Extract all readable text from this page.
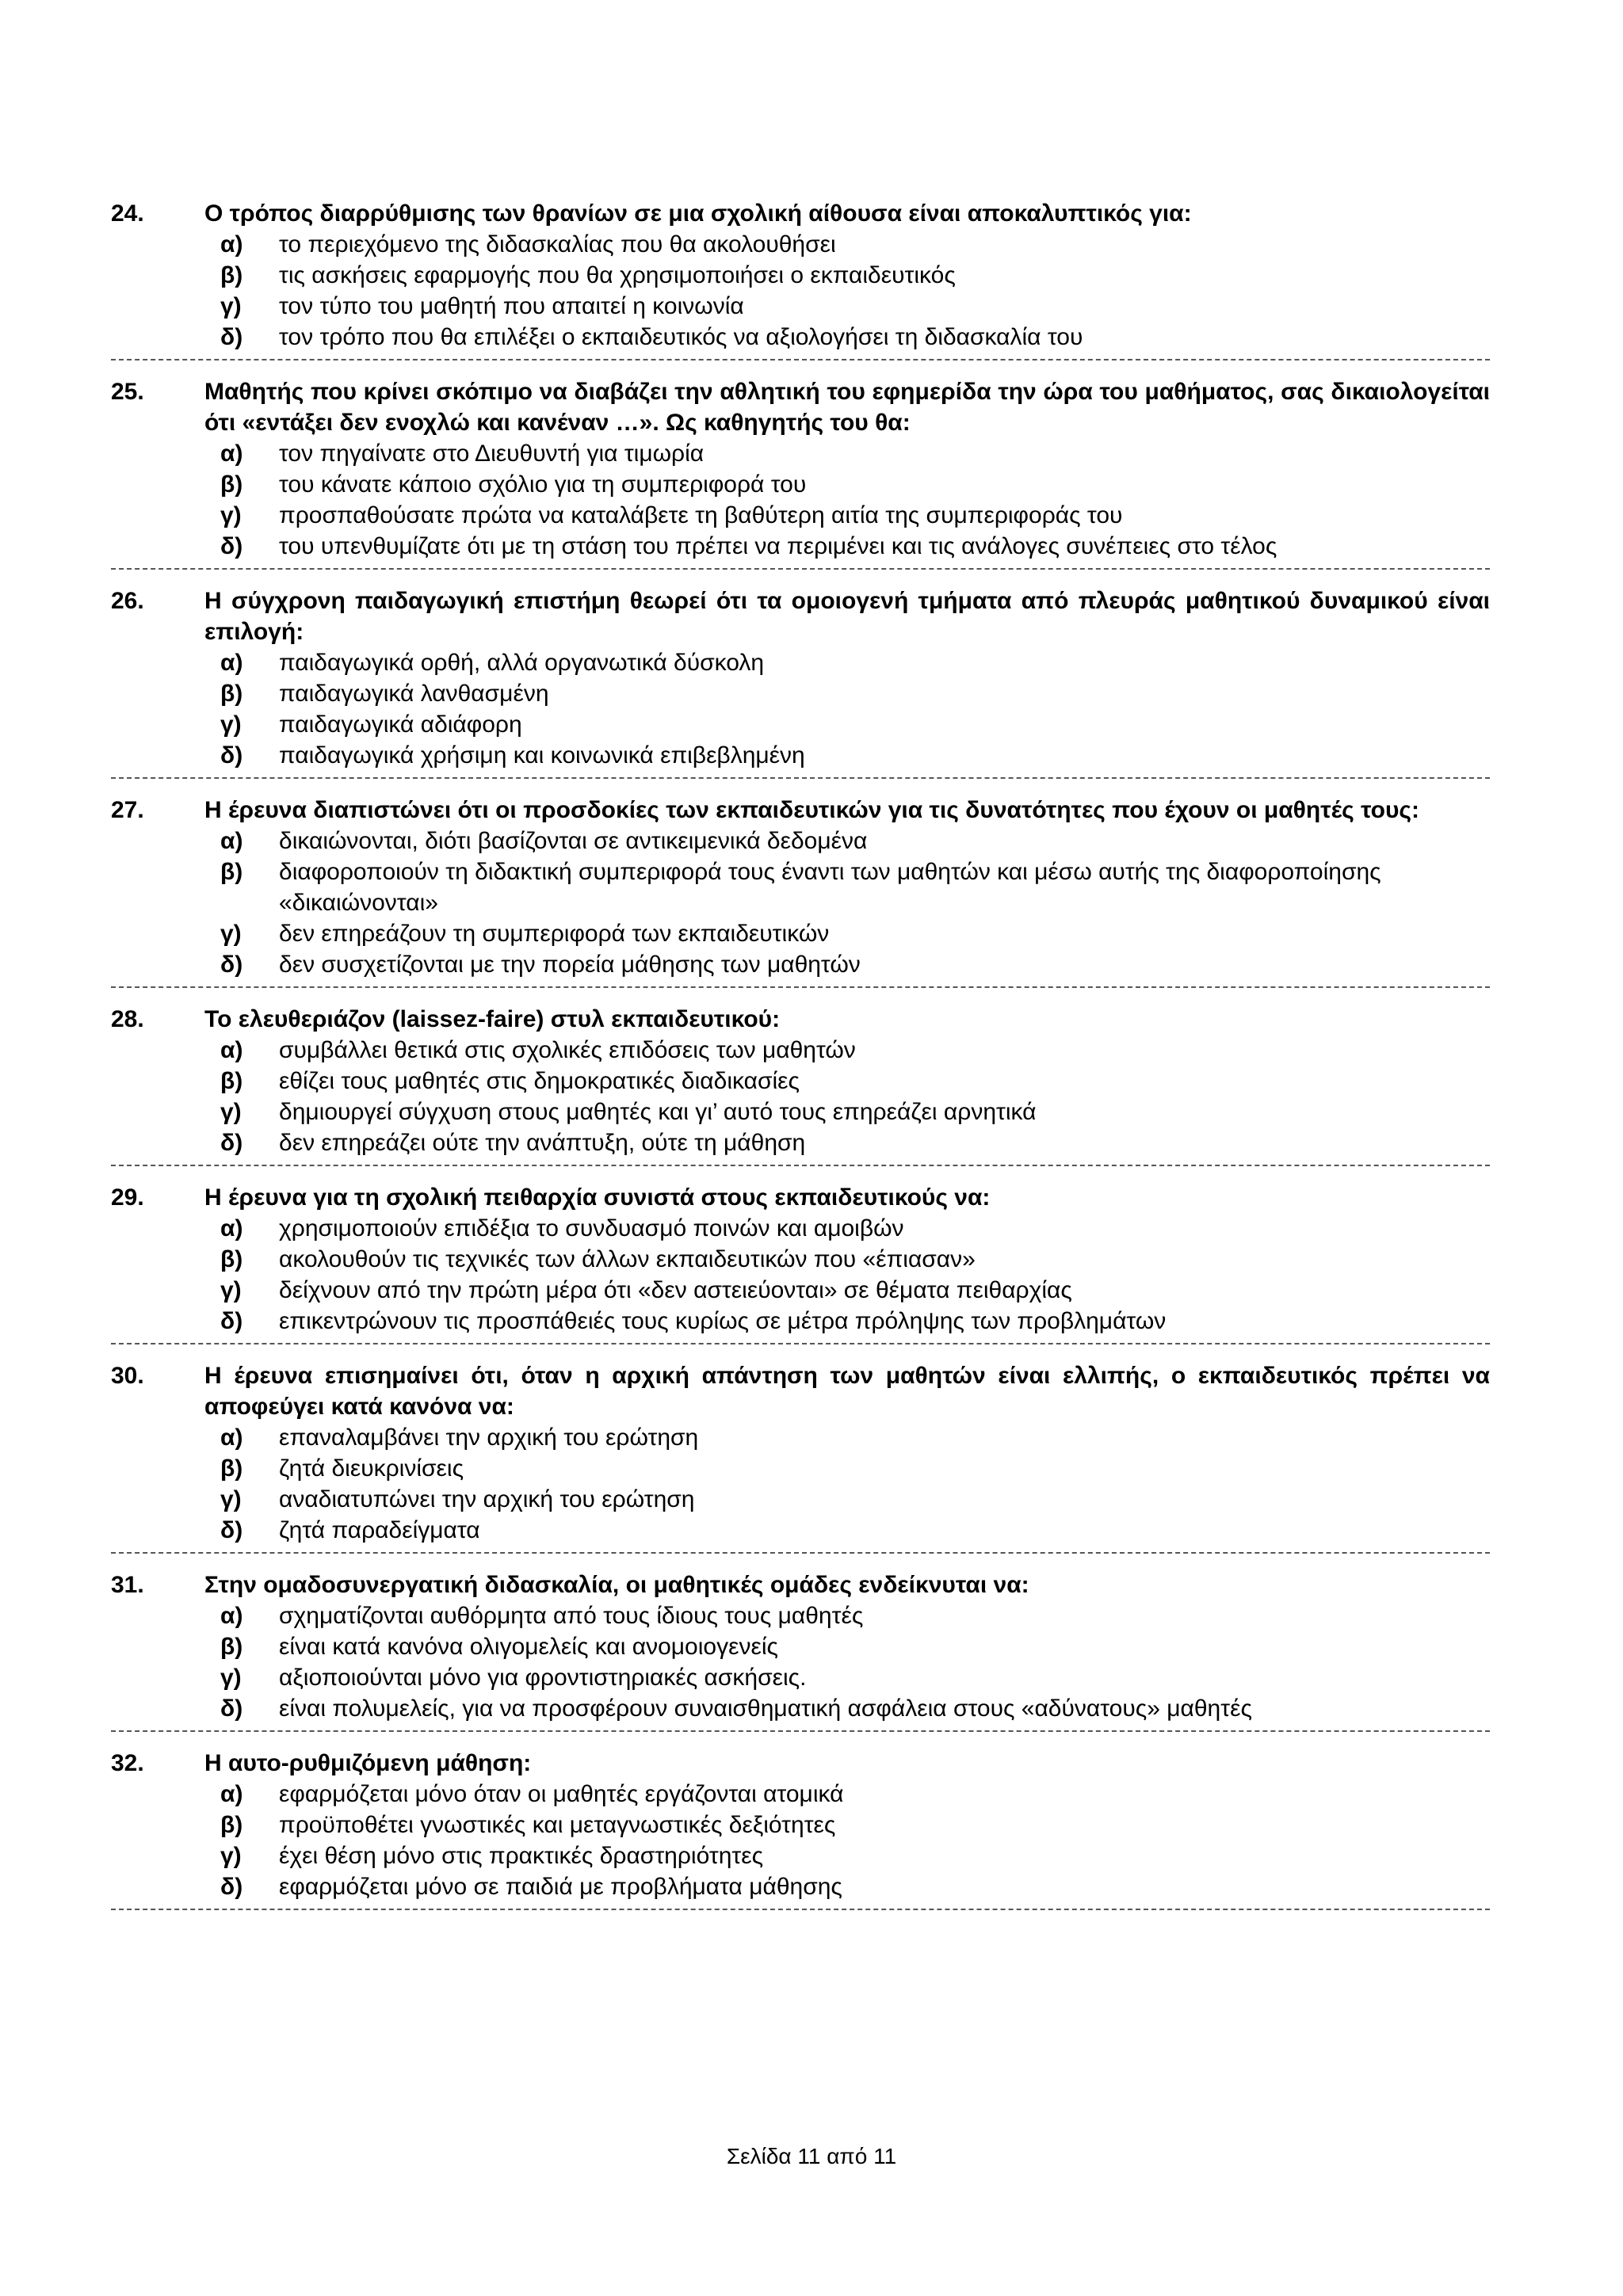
24.	Ο τρόπος διαρρύθμισης των θρανίων σε μια σχολική αίθουσα είναι αποκαλυπτικός για:
α)	το περιεχόμενο της διδασκαλίας που θα ακολουθήσει
β)	τις ασκήσεις εφαρμογής που θα χρησιμοποιήσει ο εκπαιδευτικός
γ)	τον τύπο του μαθητή που απαιτεί η κοινωνία
δ)	τον τρόπο που θα επιλέξει ο εκπαιδευτικός να αξιολογήσει τη διδασκαλία του
25.	Μαθητής που κρίνει σκόπιμο να διαβάζει την αθλητική του εφημερίδα την ώρα του μαθήματος, σας δικαιολογείται ότι «εντάξει δεν ενοχλώ και κανέναν …». Ως καθηγητής του θα:
α)	τον πηγαίνατε στο Διευθυντή για τιμωρία
β)	του κάνατε κάποιο σχόλιο για τη συμπεριφορά του
γ)	προσπαθούσατε πρώτα να καταλάβετε τη βαθύτερη αιτία της συμπεριφοράς του
δ)	του υπενθυμίζατε ότι με τη στάση του πρέπει να περιμένει και τις ανάλογες συνέπειες στο τέλος
26.	Η σύγχρονη παιδαγωγική επιστήμη θεωρεί ότι τα ομοιογενή τμήματα από πλευράς μαθητικού δυναμικού είναι επιλογή:
α)	παιδαγωγικά ορθή, αλλά οργανωτικά δύσκολη
β)	παιδαγωγικά λανθασμένη
γ)	παιδαγωγικά αδιάφορη
δ)	παιδαγωγικά χρήσιμη και κοινωνικά επιβεβλημένη
27.	Η έρευνα διαπιστώνει ότι οι προσδοκίες των εκπαιδευτικών για τις δυνατότητες που έχουν οι μαθητές τους:
α)	δικαιώνονται, διότι βασίζονται σε αντικειμενικά δεδομένα
β)	διαφοροποιούν τη διδακτική συμπεριφορά τους έναντι των μαθητών και μέσω αυτής της διαφοροποίησης «δικαιώνονται»
γ)	δεν επηρεάζουν τη συμπεριφορά των εκπαιδευτικών
δ)	δεν συσχετίζονται με την πορεία μάθησης των μαθητών
28.	Το ελευθεριάζον (laissez-faire) στυλ εκπαιδευτικού:
α)	συμβάλλει θετικά στις σχολικές επιδόσεις των μαθητών
β)	εθίζει τους μαθητές στις δημοκρατικές διαδικασίες
γ)	δημιουργεί σύγχυση στους μαθητές και γι’ αυτό τους επηρεάζει αρνητικά
δ)	δεν επηρεάζει ούτε την ανάπτυξη, ούτε τη μάθηση
29.	Η έρευνα για τη σχολική πειθαρχία συνιστά στους εκπαιδευτικούς να:
α)	χρησιμοποιούν επιδέξια το συνδυασμό ποινών και αμοιβών
β)	ακολουθούν τις τεχνικές των άλλων εκπαιδευτικών που «έπιασαν»
γ)	δείχνουν από την πρώτη μέρα ότι «δεν αστειεύονται» σε θέματα πειθαρχίας
δ)	επικεντρώνουν τις προσπάθειές τους κυρίως σε μέτρα πρόληψης των προβλημάτων
30.	Η έρευνα επισημαίνει ότι, όταν η αρχική απάντηση των μαθητών είναι ελλιπής, ο εκπαιδευτικός πρέπει να αποφεύγει κατά κανόνα να:
α)	επαναλαμβάνει την αρχική του ερώτηση
β)	ζητά διευκρινίσεις
γ)	αναδιατυπώνει την αρχική του ερώτηση
δ)	ζητά παραδείγματα
31.	Στην ομαδοσυνεργατική διδασκαλία, οι μαθητικές ομάδες ενδείκνυται να:
α)	σχηματίζονται αυθόρμητα από τους ίδιους τους μαθητές
β)	είναι κατά κανόνα ολιγομελείς και ανομοιογενείς
γ)	αξιοποιούνται μόνο για φροντιστηριακές ασκήσεις.
δ)	είναι πολυμελείς, για να προσφέρουν συναισθηματική ασφάλεια στους «αδύνατους» μαθητές
32.	Η αυτο-ρυθμιζόμενη μάθηση:
α)	εφαρμόζεται μόνο όταν οι μαθητές εργάζονται ατομικά
β)	προϋποθέτει γνωστικές και μεταγνωστικές δεξιότητες
γ)	έχει θέση μόνο στις πρακτικές δραστηριότητες
δ)	εφαρμόζεται μόνο σε παιδιά με προβλήματα μάθησης
Σελίδα 11 από 11
